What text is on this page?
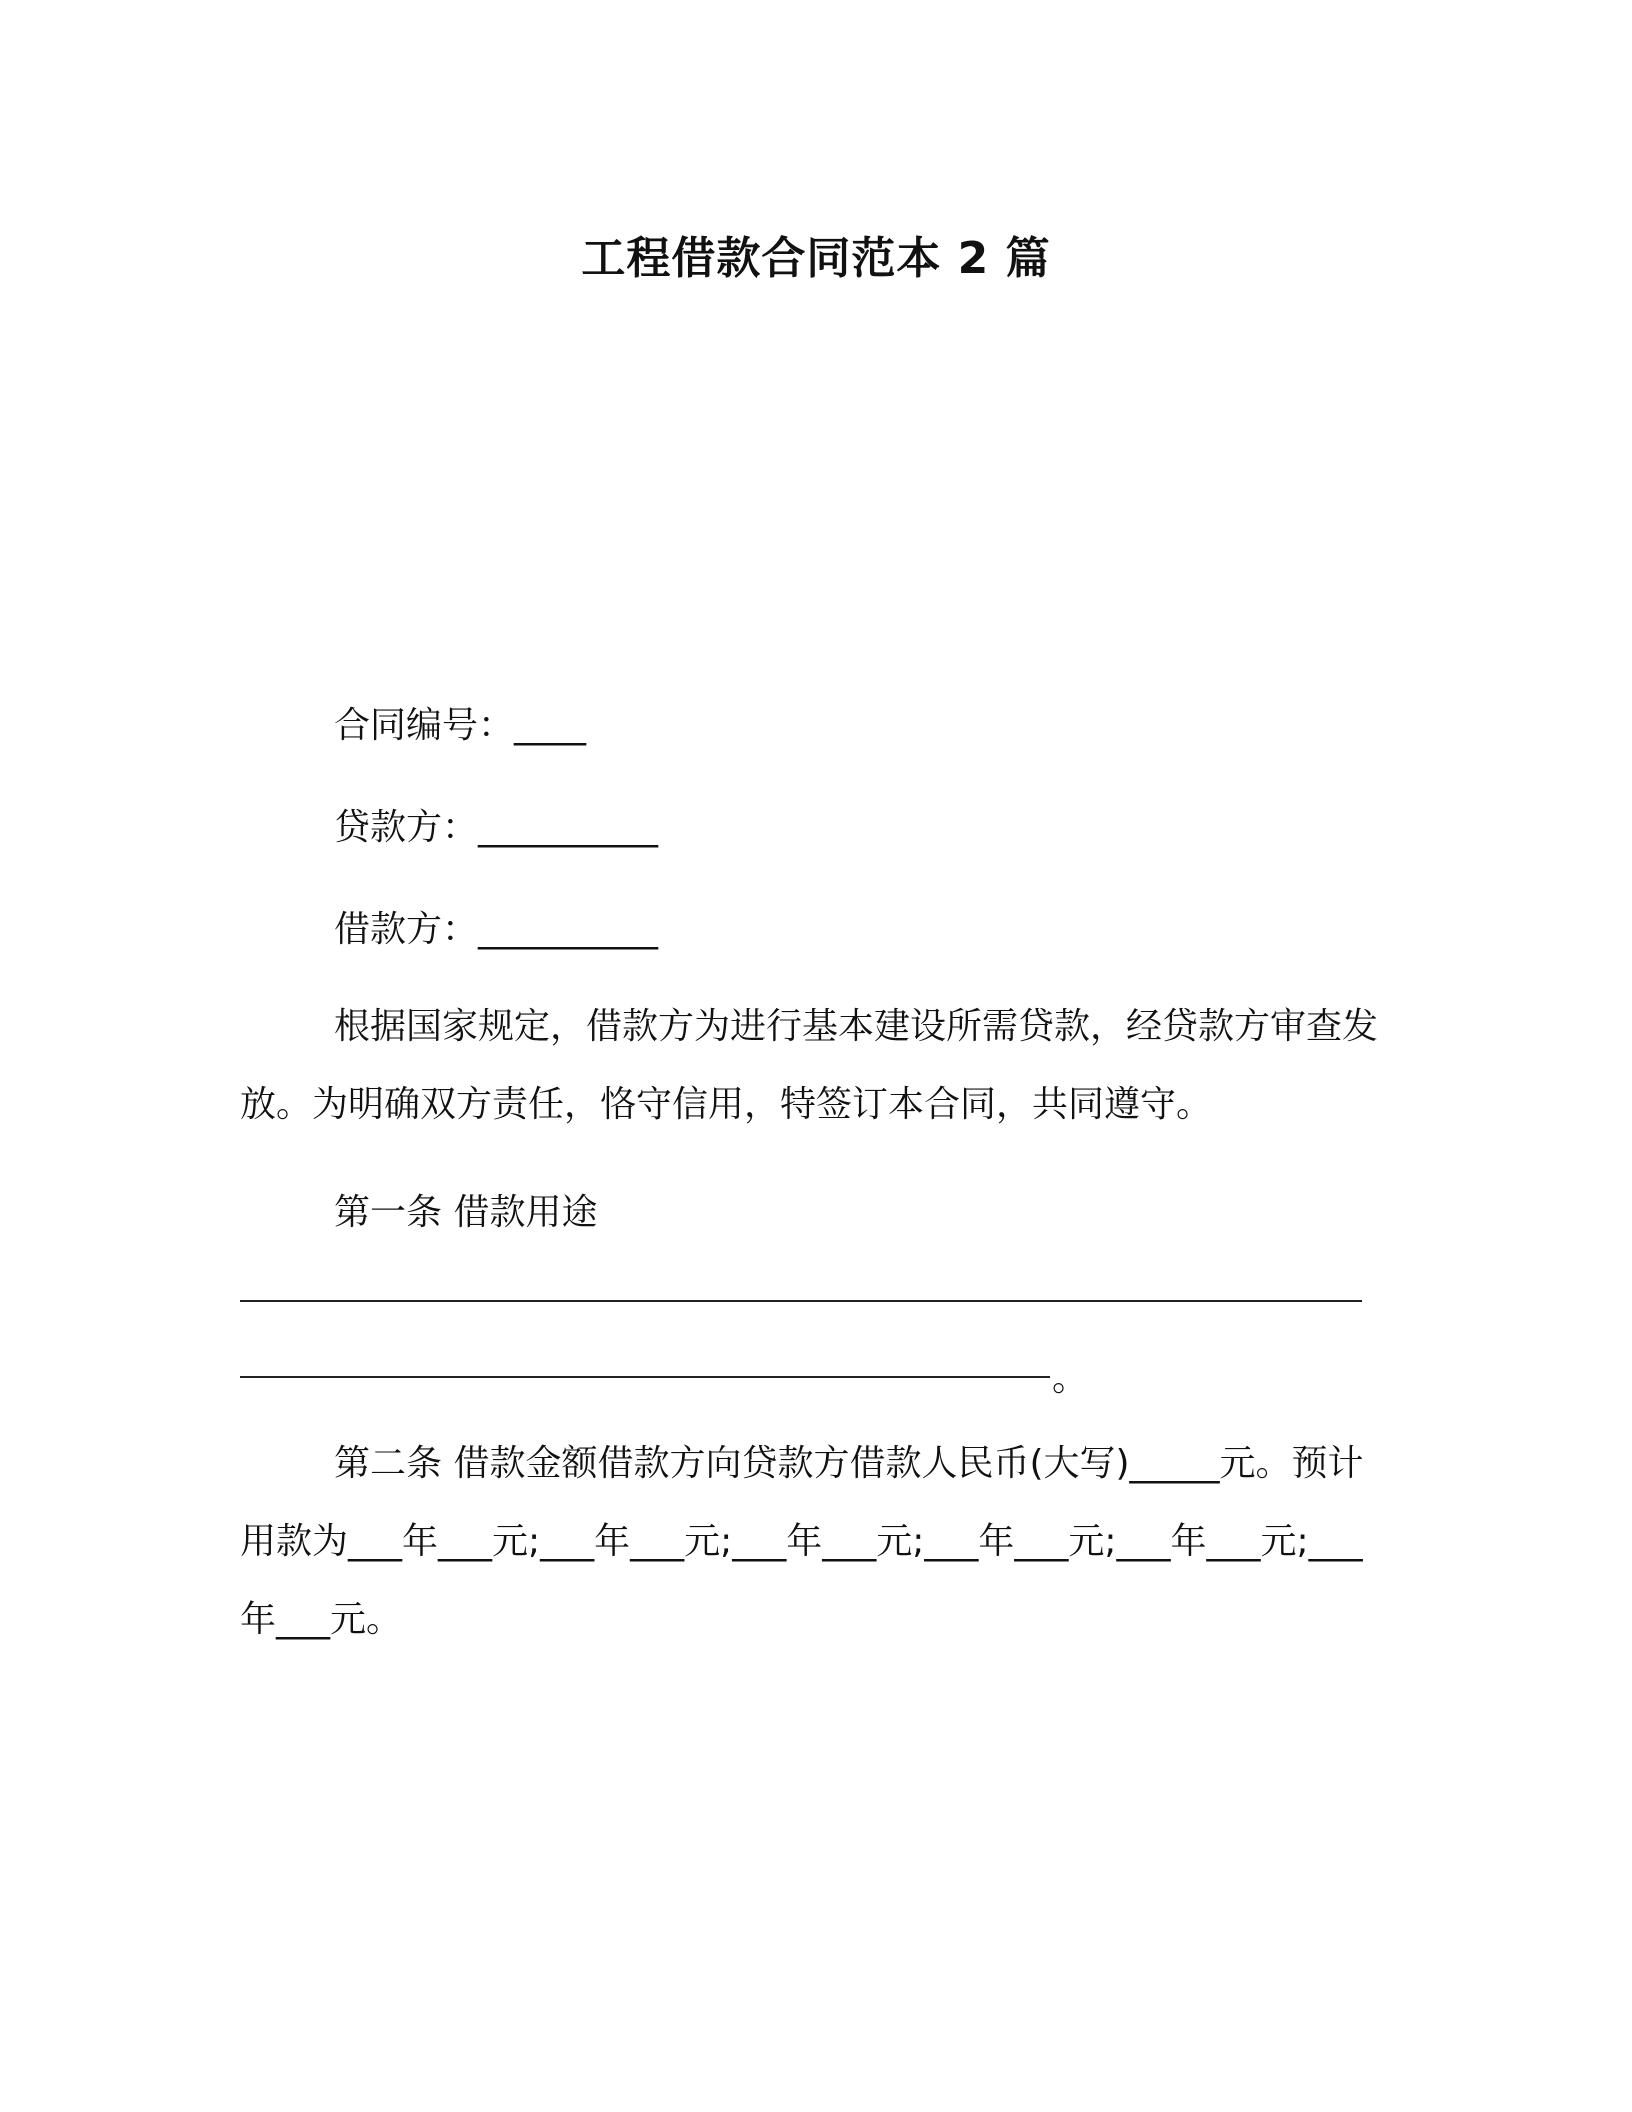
工程借款合同范本 2 篇
合同编号：____
贷款方：__________
借款方：__________
根据国家规定，借款方为进行基本建设所需贷款，经贷款方审查发放。为明确双方责任，恪守信用，特签订本合同，共同遵守。
第一条 借款用途
。
第二条 借款金额借款方向贷款方借款人民币(大写)_____元。预计用款为___年___元;___年___元;___年___元;___年___元;___年___元;___年___元。
